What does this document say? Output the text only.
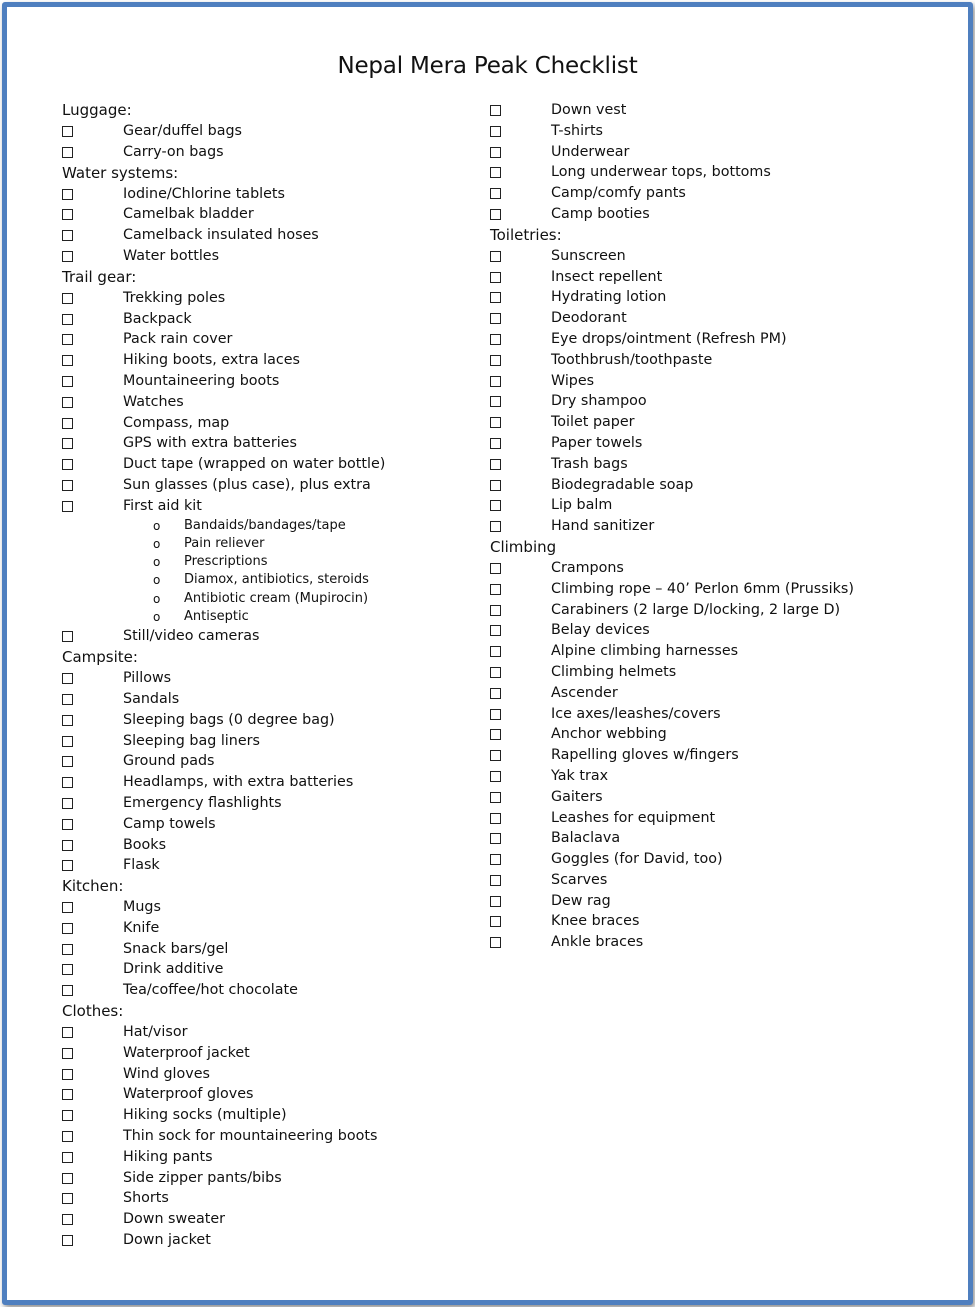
Nepal Mera Peak Checklist
Luggage:
Gear/duffel bags
Carry-on bags
Water systems:
Iodine/Chlorine tablets
Camelbak bladder
Camelback insulated hoses
Water bottles
Trail gear:
Trekking poles
Backpack
Pack rain cover
Hiking boots, extra laces
Mountaineering boots
Watches
Compass, map
GPS with extra batteries
Duct tape (wrapped on water bottle)
Sun glasses (plus case), plus extra
First aid kit
o Bandaids/bandages/tape
o Pain reliever
o Prescriptions
o Diamox, antibiotics, steroids
o Antibiotic cream (Mupirocin)
o Antiseptic
Still/video cameras
Campsite:
Pillows
Sandals
Sleeping bags (0 degree bag)
Sleeping bag liners
Ground pads
Headlamps, with extra batteries
Emergency flashlights
Camp towels
Books
Flask
Kitchen:
Mugs
Knife
Snack bars/gel
Drink additive
Tea/coffee/hot chocolate
Clothes:
Hat/visor
Waterproof jacket
Wind gloves
Waterproof gloves
Hiking socks (multiple)
Thin sock for mountaineering boots
Hiking pants
Side zipper pants/bibs
Shorts
Down sweater
Down jacket
Down vest
T-shirts
Underwear
Long underwear tops, bottoms
Camp/comfy pants
Camp booties
Toiletries:
Sunscreen
Insect repellent
Hydrating lotion
Deodorant
Eye drops/ointment (Refresh PM)
Toothbrush/toothpaste
Wipes
Dry shampoo
Toilet paper
Paper towels
Trash bags
Biodegradable soap
Lip balm
Hand sanitizer
Climbing
Crampons
Climbing rope – 40’ Perlon 6mm (Prussiks)
Carabiners (2 large D/locking, 2 large D)
Belay devices
Alpine climbing harnesses
Climbing helmets
Ascender
Ice axes/leashes/covers
Anchor webbing
Rapelling gloves w/fingers
Yak trax
Gaiters
Leashes for equipment
Balaclava
Goggles (for David, too)
Scarves
Dew rag
Knee braces
Ankle braces
